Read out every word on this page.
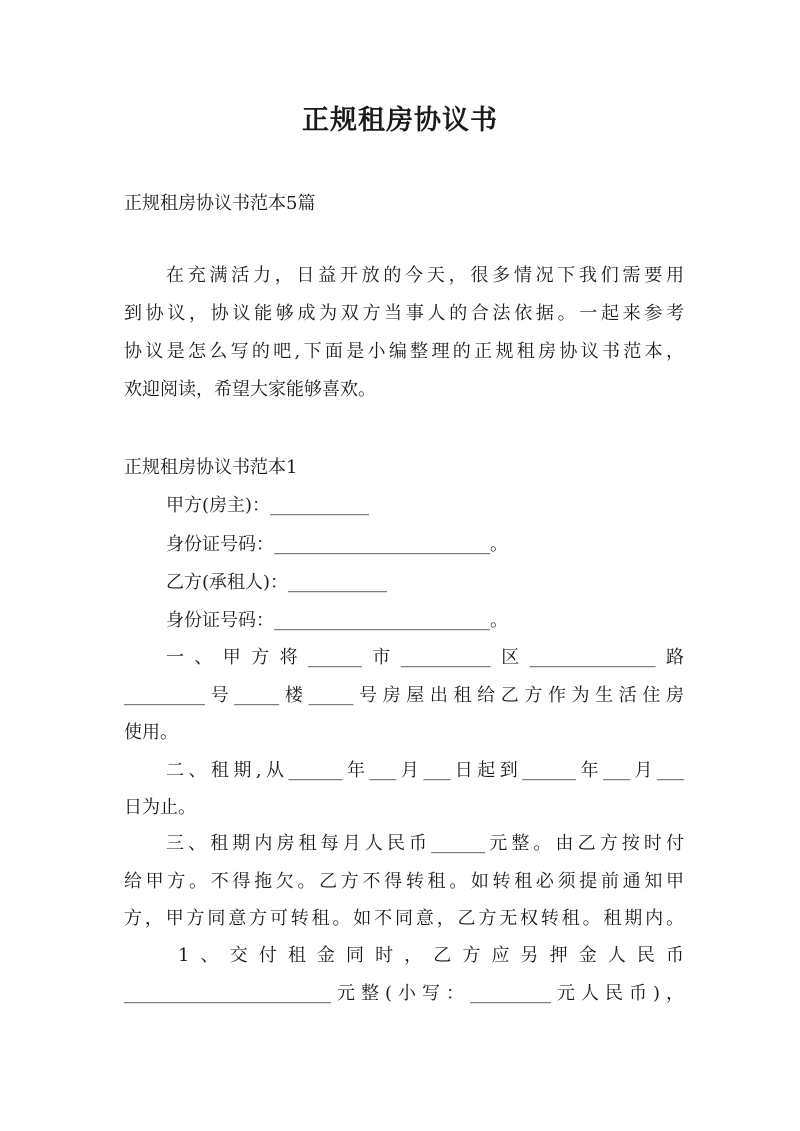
正规租房协议书

正规租房协议书范本5篇

在充满活力，日益开放的今天，很多情况下我们需要用

到协议，协议能够成为双方当事人的合法依据。一起来参考

协议是怎么写的吧,下面是小编整理的正规租房协议书范本，

欢迎阅读，希望大家能够喜欢。

正规租房协议书范本1

甲方(房主)：___________

身份证号码：________________________。

乙方(承租人)：___________

身份证号码：________________________。

一、甲方将______市__________区______________路

_________号_____楼_____号房屋出租给乙方作为生活住房

使用。

二、租期,从______年___月___日起到______年___月___

日为止。

三、租期内房租每月人民币______元整。由乙方按时付

给甲方。不得拖欠。乙方不得转租。如转租必须提前通知甲

方，甲方同意方可转租。如不同意，乙方无权转租。租期内。

1、交付租金同时，乙方应另押金人民币

_______________________元整(小写：_________元人民币)，
